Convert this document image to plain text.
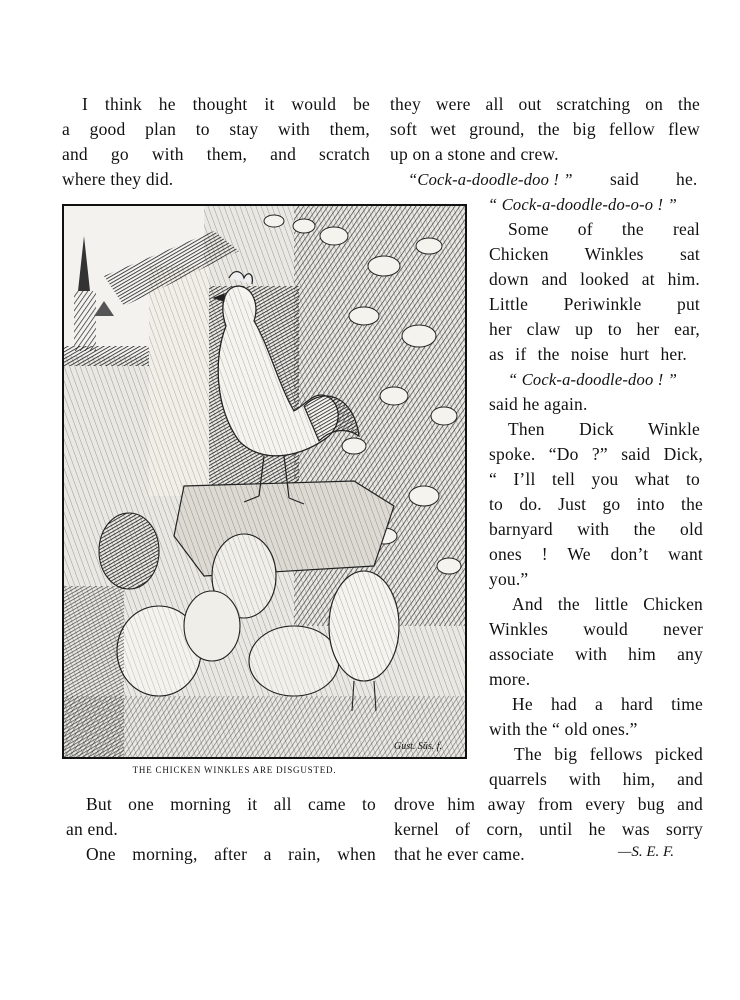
I think he thought it would be
a good plan to stay with them,
and go with them, and scratch
where they did.
they were all out scratching on the
soft wet ground, the big fellow flew
up on a stone and crew.
“Cock-a-doodle-doo ! ” said he.
“ Cock-a-doodle-do-o-o ! ”
Some of the real
Chicken Winkles sat
down and looked at him.
Little Periwinkle put
her claw up to her ear,
as if the noise hurt her.
“ Cock-a-doodle-doo ! ”
said he again.
Then Dick Winkle
spoke. “Do ?” said Dick,
“ I’ll tell you what to
to do. Just go into the
barnyard with the old
ones ! We don’t want
you.”
And the little Chicken
Winkles would never
associate with him any
more.
He had a hard time
with the “ old ones.”
The big fellows picked
quarrels with him, and
drove him away from every bug and
kernel of corn, until he was sorry
that he ever came.	—S. E. F.
Gust. Süs. f.
THE CHICKEN WINKLES ARE DISGUSTED.
But one morning it all came to
an end.
One morning, after a rain, when
